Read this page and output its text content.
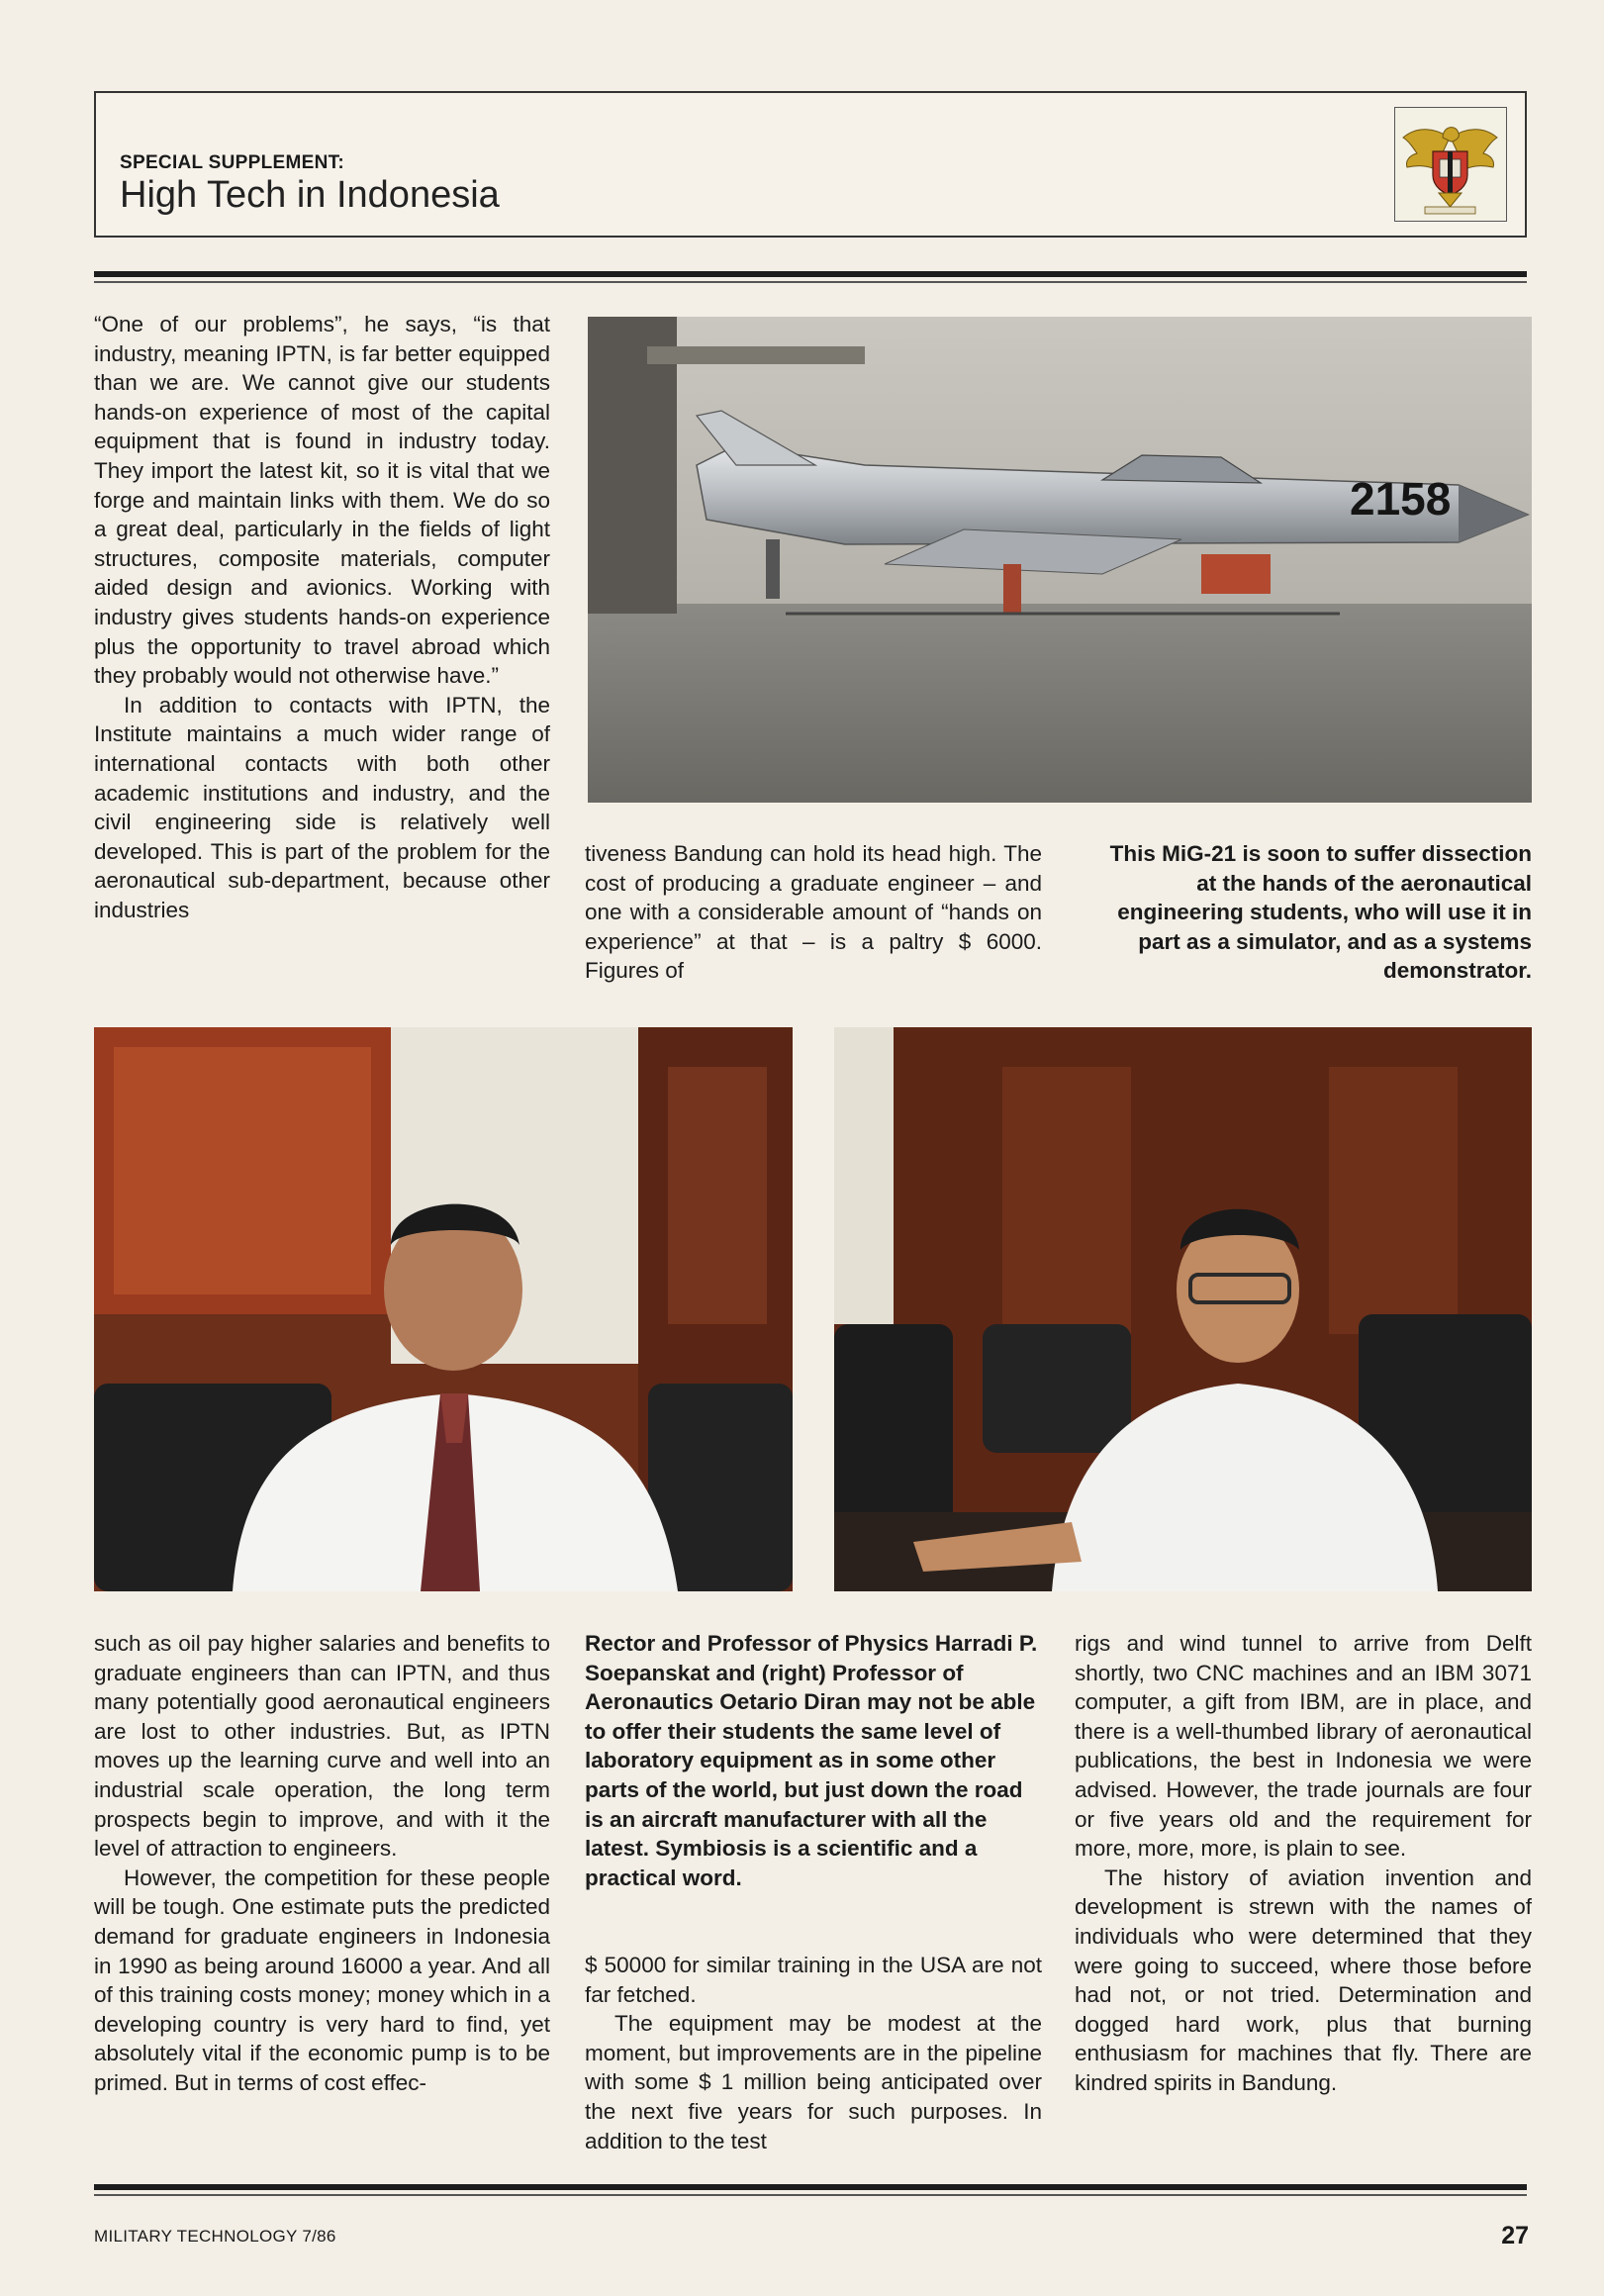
SPECIAL SUPPLEMENT:
High Tech in Indonesia

“One of our problems”, he says, “is that industry, meaning IPTN, is far better equipped than we are. We cannot give our students hands-on experience of most of the capital equipment that is found in industry today. They import the latest kit, so it is vital that we forge and maintain links with them. We do so a great deal, particularly in the fields of light structures, composite materials, computer aided design and avionics. Working with industry gives students hands-on experience plus the opportunity to travel abroad which they probably would not otherwise have.”

In addition to contacts with IPTN, the Institute maintains a much wider range of international contacts with both other academic institutions and industry, and the civil engineering side is relatively well developed. This is part of the problem for the aeronautical sub-department, because other industries

2158

tiveness Bandung can hold its head high. The cost of producing a graduate engineer – and one with a considerable amount of “hands on experience” at that – is a paltry $ 6000. Figures of

This MiG-21 is soon to suffer dissection at the hands of the aeronautical engineering students, who will use it in part as a simulator, and as a systems demonstrator.

such as oil pay higher salaries and benefits to graduate engineers than can IPTN, and thus many potentially good aeronautical engineers are lost to other industries. But, as IPTN moves up the learning curve and well into an industrial scale operation, the long term prospects begin to improve, and with it the level of attraction to engineers.

However, the competition for these people will be tough. One estimate puts the predicted demand for graduate engineers in Indonesia in 1990 as being around 16000 a year. And all of this training costs money; money which in a developing country is very hard to find, yet absolutely vital if the economic pump is to be primed. But in terms of cost effec-

Rector and Professor of Physics Harradi P. Soepanskat and (right) Professor of Aeronautics Oetario Diran may not be able to offer their students the same level of laboratory equipment as in some other parts of the world, but just down the road is an aircraft manufacturer with all the latest. Symbiosis is a scientific and a practical word.

$ 50000 for similar training in the USA are not far fetched.

The equipment may be modest at the moment, but improvements are in the pipeline with some $ 1 million being anticipated over the next five years for such purposes. In addition to the test

rigs and wind tunnel to arrive from Delft shortly, two CNC machines and an IBM 3071 computer, a gift from IBM, are in place, and there is a well-thumbed library of aeronautical publications, the best in Indonesia we were advised. However, the trade journals are four or five years old and the requirement for more, more, more, is plain to see.

The history of aviation invention and development is strewn with the names of individuals who were determined that they were going to succeed, where those before had not, or not tried. Determination and dogged hard work, plus that burning enthusiasm for machines that fly. There are kindred spirits in Bandung.

MILITARY TECHNOLOGY 7/86	27
